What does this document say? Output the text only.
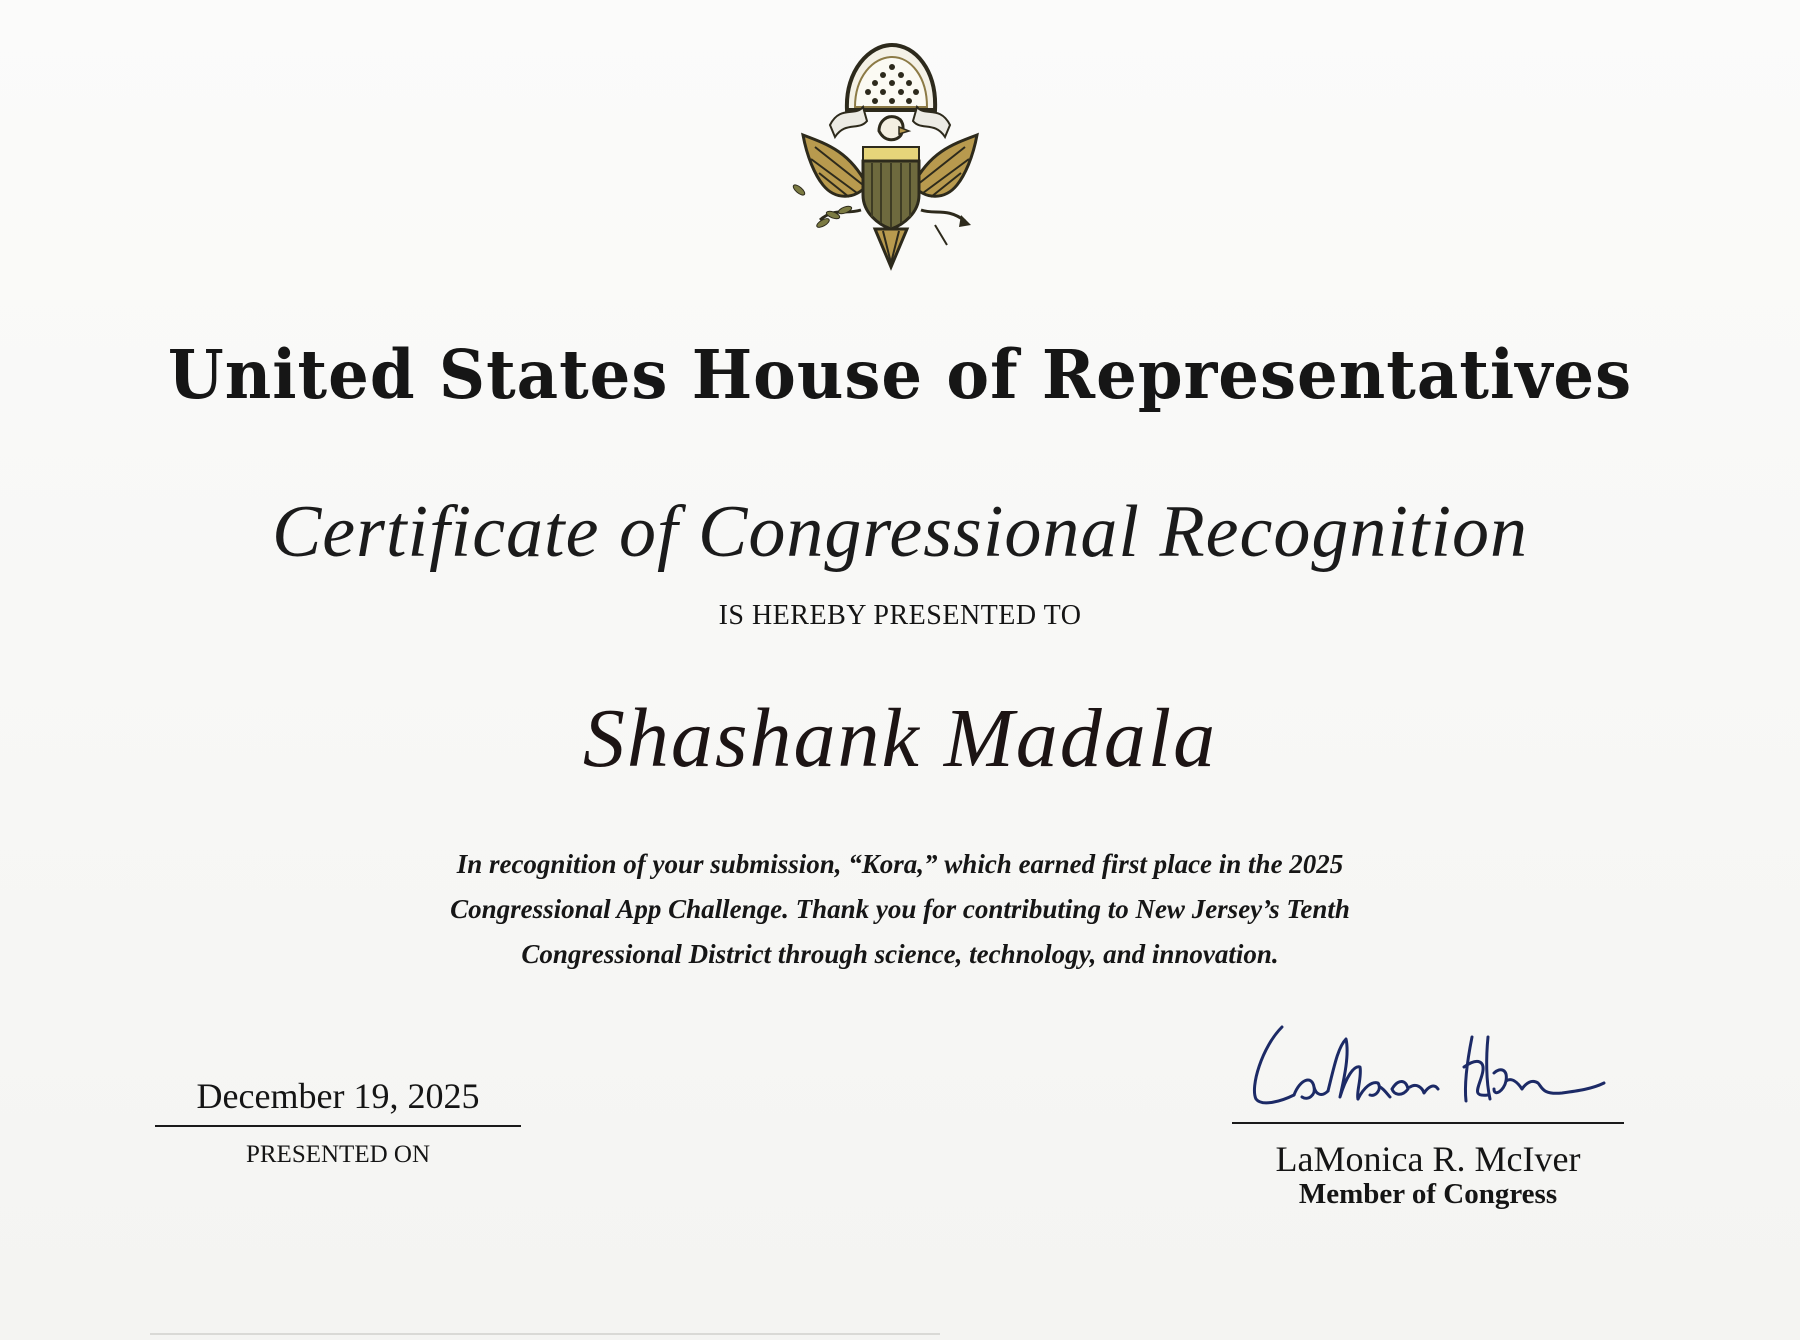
United States House of Representatives
Certificate of Congressional Recognition
IS HEREBY PRESENTED TO
Shashank Madala
In recognition of your submission, “Kora,” which earned first place in the 2025
Congressional App Challenge. Thank you for contributing to New Jersey’s Tenth
Congressional District through science, technology, and innovation.
December 19, 2025
PRESENTED ON	LaMonica R. McIver
Member of Congress
